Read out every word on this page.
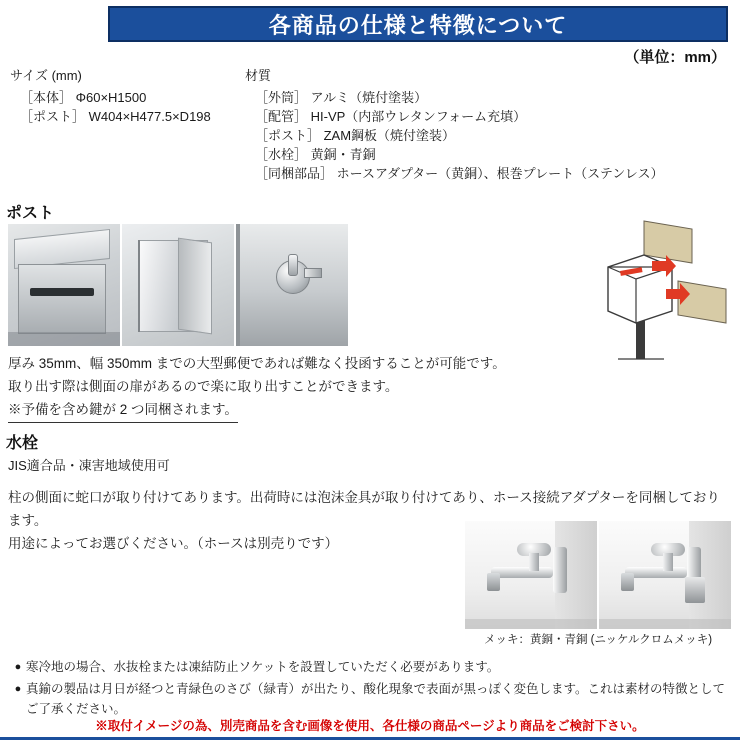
各商品の仕様と特徴について
（単位：mm）
サイズ (mm)
［本体］ Φ60×H1500
［ポスト］ W404×H477.5×D198
材質
［外筒］ アルミ（焼付塗装）
［配管］ HI-VP（内部ウレタンフォーム充填）
［ポスト］ ZAM鋼板（焼付塗装）
［水栓］ 黄銅・青銅
［同梱部品］ ホースアダプター（黄銅）、根巻プレート（ステンレス）
ポスト
厚み 35mm、幅 350mm までの大型郵便であれば難なく投函することが可能です。
取り出す際は側面の扉があるので楽に取り出すことができます。
※予備を含め鍵が 2 つ同梱されます。
水栓
JIS適合品・凍害地域使用可
柱の側面に蛇口が取り付けてあります。出荷時には泡沫金具が取り付けてあり、ホース接続アダプターを同梱しております。
用途によってお選びください。（ホースは別売りです）
メッキ：黄銅・青銅 (ニッケルクロムメッキ)
● 寒冷地の場合、水抜栓または凍結防止ソケットを設置していただく必要があります。
● 真鍮の製品は月日が経つと青緑色のさび（緑青）が出たり、酸化現象で表面が黒っぽく変色します。これは素材の特徴としてご了承ください。
※取付イメージの為、別売商品を含む画像を使用、各仕様の商品ページより商品をご検討下さい。
